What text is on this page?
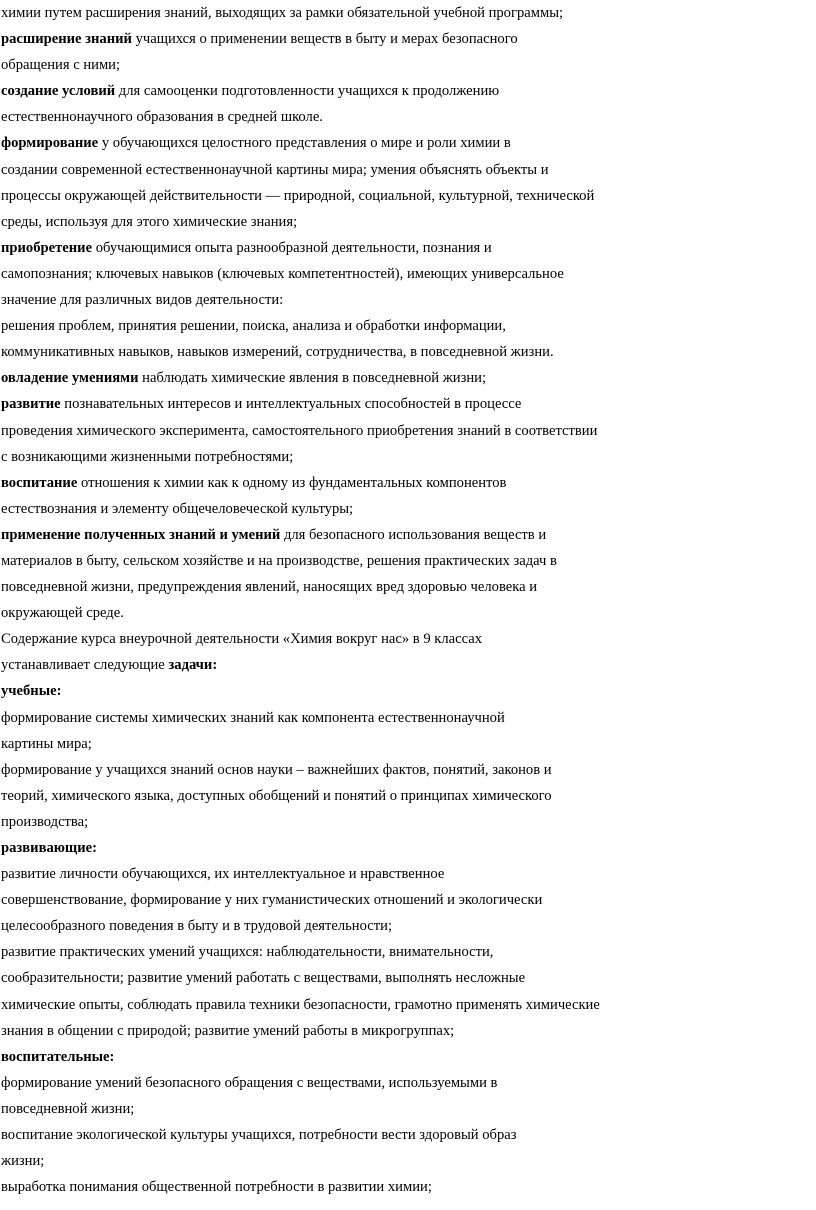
химии путем расширения знаний, выходящих за рамки обязательной учебной программы;
расширение знаний учащихся о применении веществ в быту и мерах безопасного
обращения с ними;
создание условий для самооценки подготовленности учащихся к продолжению
естественнонаучного образования в средней школе.
формирование у обучающихся целостного представления о мире и роли химии в
создании современной естественнонаучной картины мира; умения объяснять объекты и
процессы окружающей действительности — природной, социальной, культурной, технической
среды, используя для этого химические знания;
приобретение обучающимися опыта разнообразной деятельности, познания и
самопознания; ключевых навыков (ключевых компетентностей), имеющих универсальное
значение для различных видов деятельности:
решения проблем, принятия решении, поиска, анализа и обработки информации,
коммуникативных навыков, навыков измерений, сотрудничества, в повседневной жизни.
овладение умениями наблюдать химические явления в повседневной жизни;
развитие познавательных интересов и интеллектуальных способностей в процессе
проведения химического эксперимента, самостоятельного приобретения знаний в соответствии
с возникающими жизненными потребностями;
воспитание отношения к химии как к одному из фундаментальных компонентов
естествознания и элементу общечеловеческой культуры;
применение полученных знаний и умений для безопасного использования веществ и
материалов в быту, сельском хозяйстве и на производстве, решения практических задач в
повседневной жизни, предупреждения явлений, наносящих вред здоровью человека и
окружающей среде.
Содержание курса внеурочной деятельности «Химия вокруг нас» в 9 классах
устанавливает следующие задачи:
учебные:
формирование системы химических знаний как компонента естественнонаучной
картины мира;
формирование у учащихся знаний основ науки – важнейших фактов, понятий, законов и
теорий, химического языка, доступных обобщений и понятий о принципах химического
производства;
развивающие:
развитие личности обучающихся, их интеллектуальное и нравственное
совершенствование, формирование у них гуманистических отношений и экологически
целесообразного поведения в быту и в трудовой деятельности;
развитие практических умений учащихся: наблюдательности, внимательности,
сообразительности; развитие умений работать с веществами, выполнять несложные
химические опыты, соблюдать правила техники безопасности, грамотно применять химические
знания в общении с природой; развитие умений работы в микрогруппах;
воспитательные:
формирование умений безопасного обращения с веществами, используемыми в
повседневной жизни;
воспитание экологической культуры учащихся, потребности вести здоровый образ
жизни;
выработка понимания общественной потребности в развитии химии;
